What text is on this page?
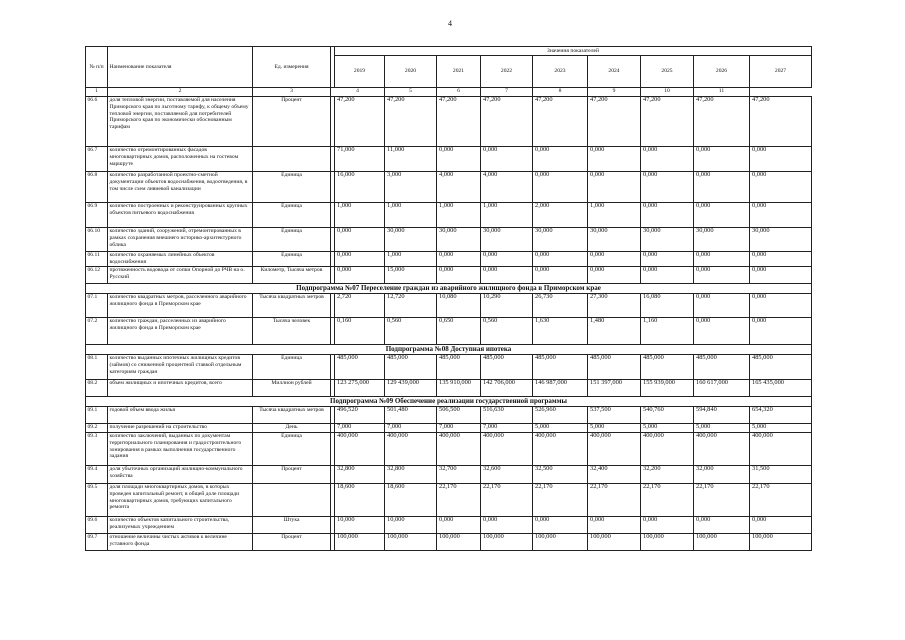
4
№ п/п	Наименование показателя	Ед. измерения		Значения показателей								
				2019	2020	2021	2022	2023	2024	2025	2026	2027
1	2	3	4		5	6	7	8	9	10	11	
06.6	доля тепловой энергии, поставляемой для населения Приморского края по льготному тарифу, к общему объему тепловой энергии, поставляемой для потребителей Приморского края по экономически обоснованным тарифам	Процент		47,200	47,200	47,200	47,200	47,200	47,200	47,200	47,200	47,200
06.7	количество отремонтированных фасадов многоквартирных домов, расположенных на гостевом маршруте			71,000	11,000	0,000	0,000	0,000	0,000	0,000	0,000	0,000
06.8	количество разработанной проектно-сметной документации объектов водоснабжения, водоотведения, в том числе схем ливневой канализации	Единица		16,000	3,000	4,000	4,000	0,000	0,000	0,000	0,000	0,000
06.9	количество построенных и реконструированных крупных объектов питьевого водоснабжения	Единица		1,000	1,000	1,000	1,000	2,000	1,000	0,000	0,000	0,000
06.10	количество зданий, сооружений, отремонтированных в рамках сохранения внешнего историко-архитектурного облика	Единица		0,000	30,000	30,000	30,000	30,000	30,000	30,000	30,000	30,000
06.11	количество охраняемых линейных объектов водоснабжения	Единица		0,000	1,000	0,000	0,000	0,000	0,000	0,000	0,000	0,000
06.12	протяженность водовода от сопки Опорной до РЧВ на о. Русский	Километр, Тысяча метров		0,000	15,000	0,000	0,000	0,000	0,000	0,000	0,000	0,000
Подпрограмма №07 Переселение граждан из аварийного жилищного фонда в Приморском крае												
07.1	количество квадратных метров, расселенного аварийного жилищного фонда в Приморском крае	Тысяча квадратных метров		2,720	12,720	10,080	10,290	26,730	27,300	16,080	0,000	0,000
07.2	количество граждан, расселенных из аварийного жилищного фонда в Приморском крае	Тысяча человек		0,160	0,560	0,650	0,560	1,630	1,480	1,160	0,000	0,000
Подпрограмма №08 Доступная ипотека												
08.1	количество выданных ипотечных жилищных кредитов (займов) со сниженной процентной ставкой отдельным категориям граждан	Единица		485,000	485,000	485,000	485,000	485,000	485,000	485,000	485,000	485,000
08.2	объем жилищных и ипотечных кредитов, всего	Миллион рублей		123 275,000	129 439,000	135 910,000	142 706,000	146 987,000	151 397,000	155 939,000	160 617,000	165 435,000
Подпрограмма №09 Обеспечение реализации государственной программы												
09.1	годовой объем ввода жилья	Тысяча квадратных метров		496,520	501,480	506,500	516,630	526,960	537,500	540,760	594,840	654,320
09.2	получение разрешений на строительство	День		7,000	7,000	7,000	7,000	5,000	5,000	5,000	5,000	5,000
09.3	количество заключений, выданных по документам территориального планирования и градостроительного зонирования в рамках выполнения государственного задания	Единица		400,000	400,000	400,000	400,000	400,000	400,000	400,000	400,000	400,000
09.4	доля убыточных организаций жилищно-коммунального хозяйства	Процент		32,800	32,800	32,700	32,600	32,500	32,400	32,200	32,000	31,500
09.5	доля площади многоквартирных домов, в которых проведен капитальный ремонт, в общей доле площади многоквартирных домов, требующих капитального ремонта			18,600	18,600	22,170	22,170	22,170	22,170	22,170	22,170	22,170
09.6	количество объектов капитального строительства, реализуемых учреждением	Штука		10,000	10,000	0,000	0,000	0,000	0,000	0,000	0,000	0,000
09.7	отношение величины чистых активов к величине уставного фонда	Процент		100,000	100,000	100,000	100,000	100,000	100,000	100,000	100,000	100,000
